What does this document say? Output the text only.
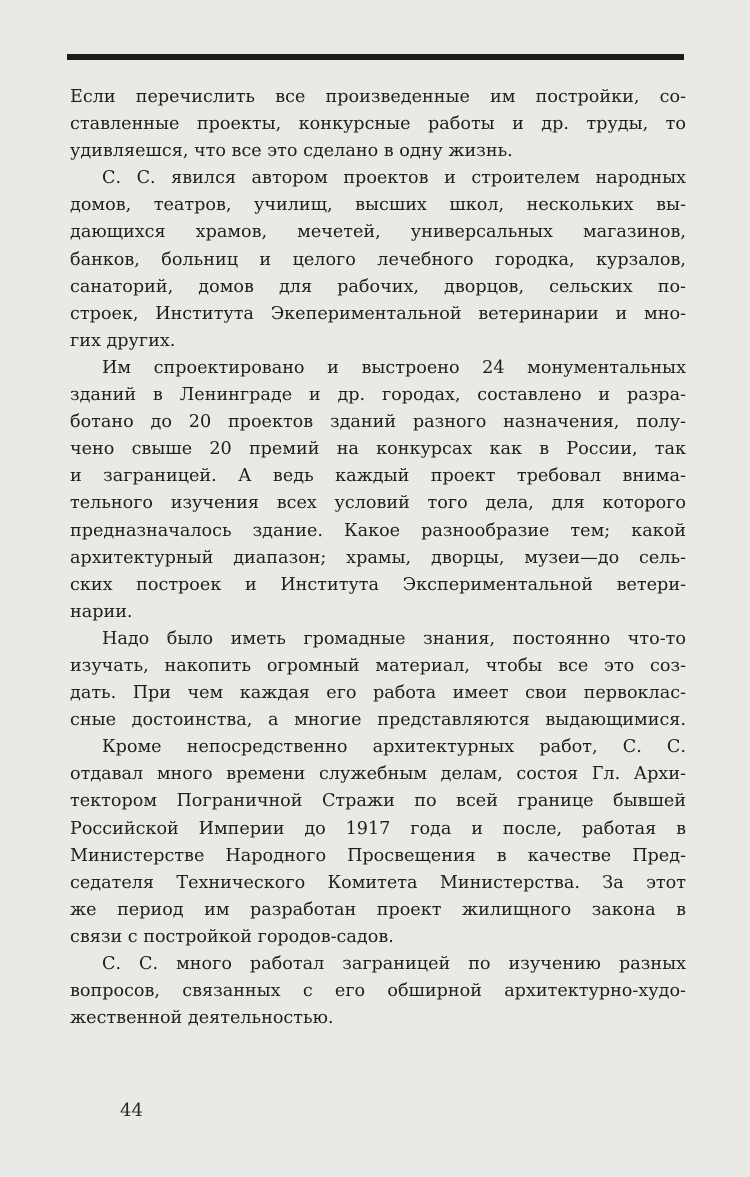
Если перечислить все произведенные им постройки, со-
ставленные проекты, конкурсные работы и др. труды, то
удивляешся, что все это сделано в одну жизнь.
С. С. явился автором проектов и строителем народных
домов, театров, училищ, высших школ, нескольких вы-
дающихся храмов, мечетей, универсальных магазинов,
банков, больниц и целого лечебного городка, курзалов,
санаторий, домов для рабочих, дворцов, сельских по-
строек, Института Экепериментальной ветеринарии и мно-
гих других.
Им спроектировано и выстроено 24 монументальных
зданий в Ленинграде и др. городах, составлено и разра-
ботано до 20 проектов зданий разного назначения, полу-
чено свыше 20 премий на конкурсах как в России, так
и заграницей. А ведь каждый проект требовал внима-
тельного изучения всех условий того дела, для которого
предназначалось здание. Какое разнообразие тем; какой
архитектурный диапазон; храмы, дворцы, музеи—до сель-
ских построек и Института Экспериментальной ветери-
нарии.
Надо было иметь громадные знания, постоянно что-то
изучать, накопить огромный материал, чтобы все это соз-
дать. При чем каждая его работа имеет свои первоклас-
сные достоинства, а многие представляются выдающимися.
Кроме непосредственно архитектурных работ, С. С.
отдавал много времени служебным делам, состоя Гл. Архи-
тектором Пограничной Стражи по всей границе бывшей
Российской Империи до 1917 года и после, работая в
Министерстве Народного Просвещения в качестве Пред-
седателя Технического Комитета Министерства. За этот
же период им разработан проект жилищного закона в
связи с постройкой городов-садов.
С. С. много работал заграницей по изучению разных
вопросов, связанных с его обширной архитектурно-худо-
жественной деятельностью.
44
